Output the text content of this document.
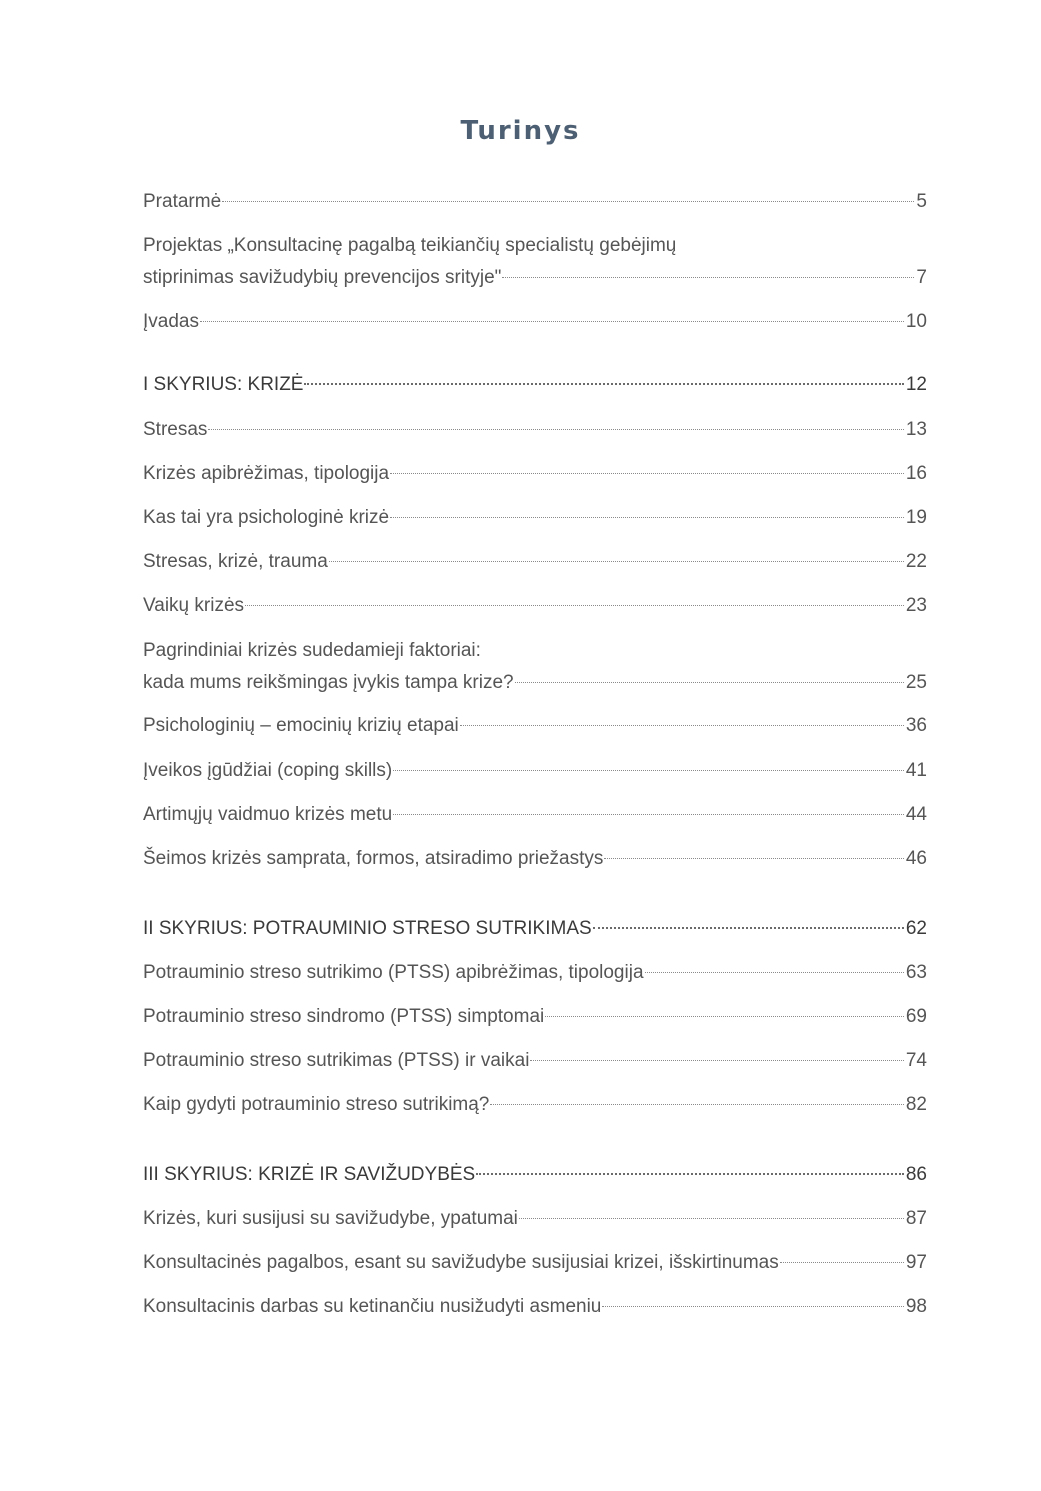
Turinys
Pratarmė	5
Projektas „Konsultacinę pagalbą teikiančių specialistų gebėjimų
stiprinimas savižudybių prevencijos srityje"	7
Įvadas	10
I SKYRIUS: KRIZĖ	12
Stresas	13
Krizės apibrėžimas, tipologija	16
Kas tai yra psichologinė krizė	19
Stresas, krizė, trauma	22
Vaikų krizės	23
Pagrindiniai krizės sudedamieji faktoriai:
kada mums reikšmingas įvykis tampa krize?	25
Psichologinių – emocinių krizių etapai	36
Įveikos įgūdžiai (coping skills)	41
Artimųjų vaidmuo krizės metu	44
Šeimos krizės samprata, formos, atsiradimo priežastys	46
II SKYRIUS: POTRAUMINIO STRESO SUTRIKIMAS	62
Potrauminio streso sutrikimo (PTSS) apibrėžimas, tipologija	63
Potrauminio streso sindromo (PTSS) simptomai	69
Potrauminio streso sutrikimas (PTSS) ir vaikai	74
Kaip gydyti potrauminio streso sutrikimą?	82
III SKYRIUS: KRIZĖ IR SAVIŽUDYBĖS	86
Krizės, kuri susijusi su savižudybe, ypatumai	87
Konsultacinės pagalbos, esant su savižudybe susijusiai krizei, išskirtinumas	97
Konsultacinis darbas su ketinančiu nusižudyti asmeniu	98
